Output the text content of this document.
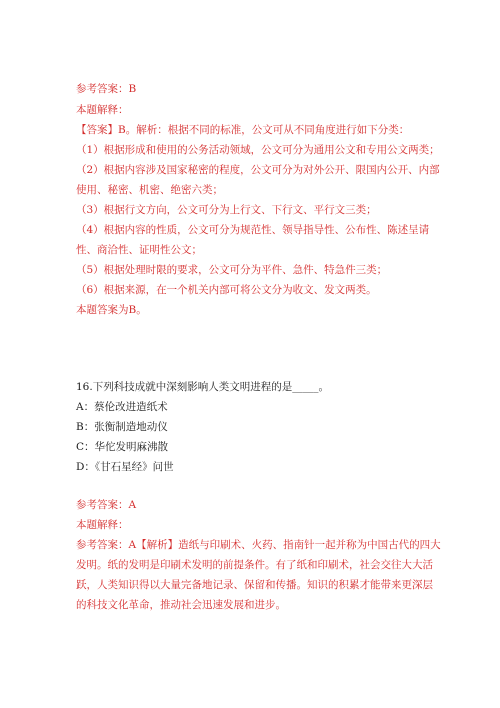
参考答案：B
本题解释：
【答案】B。解析：根据不同的标准，公文可从不同角度进行如下分类：
（1）根据形成和使用的公务活动领域，公文可分为通用公文和专用公文两类；
（2）根据内容涉及国家秘密的程度，公文可分为对外公开、限国内公开、内部
使用、秘密、机密、绝密六类；
（3）根据行文方向，公文可分为上行文、下行文、平行文三类；
（4）根据内容的性质，公文可分为规范性、领导指导性、公布性、陈述呈请
性、商洽性、证明性公文；
（5）根据处理时限的要求，公文可分为平件、急件、特急件三类；
（6）根据来源，在一个机关内部可将公文分为收文、发文两类。
本题答案为B。
16.下列科技成就中深刻影响人类文明进程的是_____。
A：蔡伦改进造纸术
B：张衡制造地动仪
C：华佗发明麻沸散
D：《甘石星经》问世
参考答案：A
本题解释：
参考答案：A【解析】造纸与印刷术、火药、指南针一起并称为中国古代的四大
发明。纸的发明是印刷术发明的前提条件。有了纸和印刷术，社会交往大大活
跃，人类知识得以大量完备地记录、保留和传播。知识的积累才能带来更深层
的科技文化革命，推动社会迅速发展和进步。
